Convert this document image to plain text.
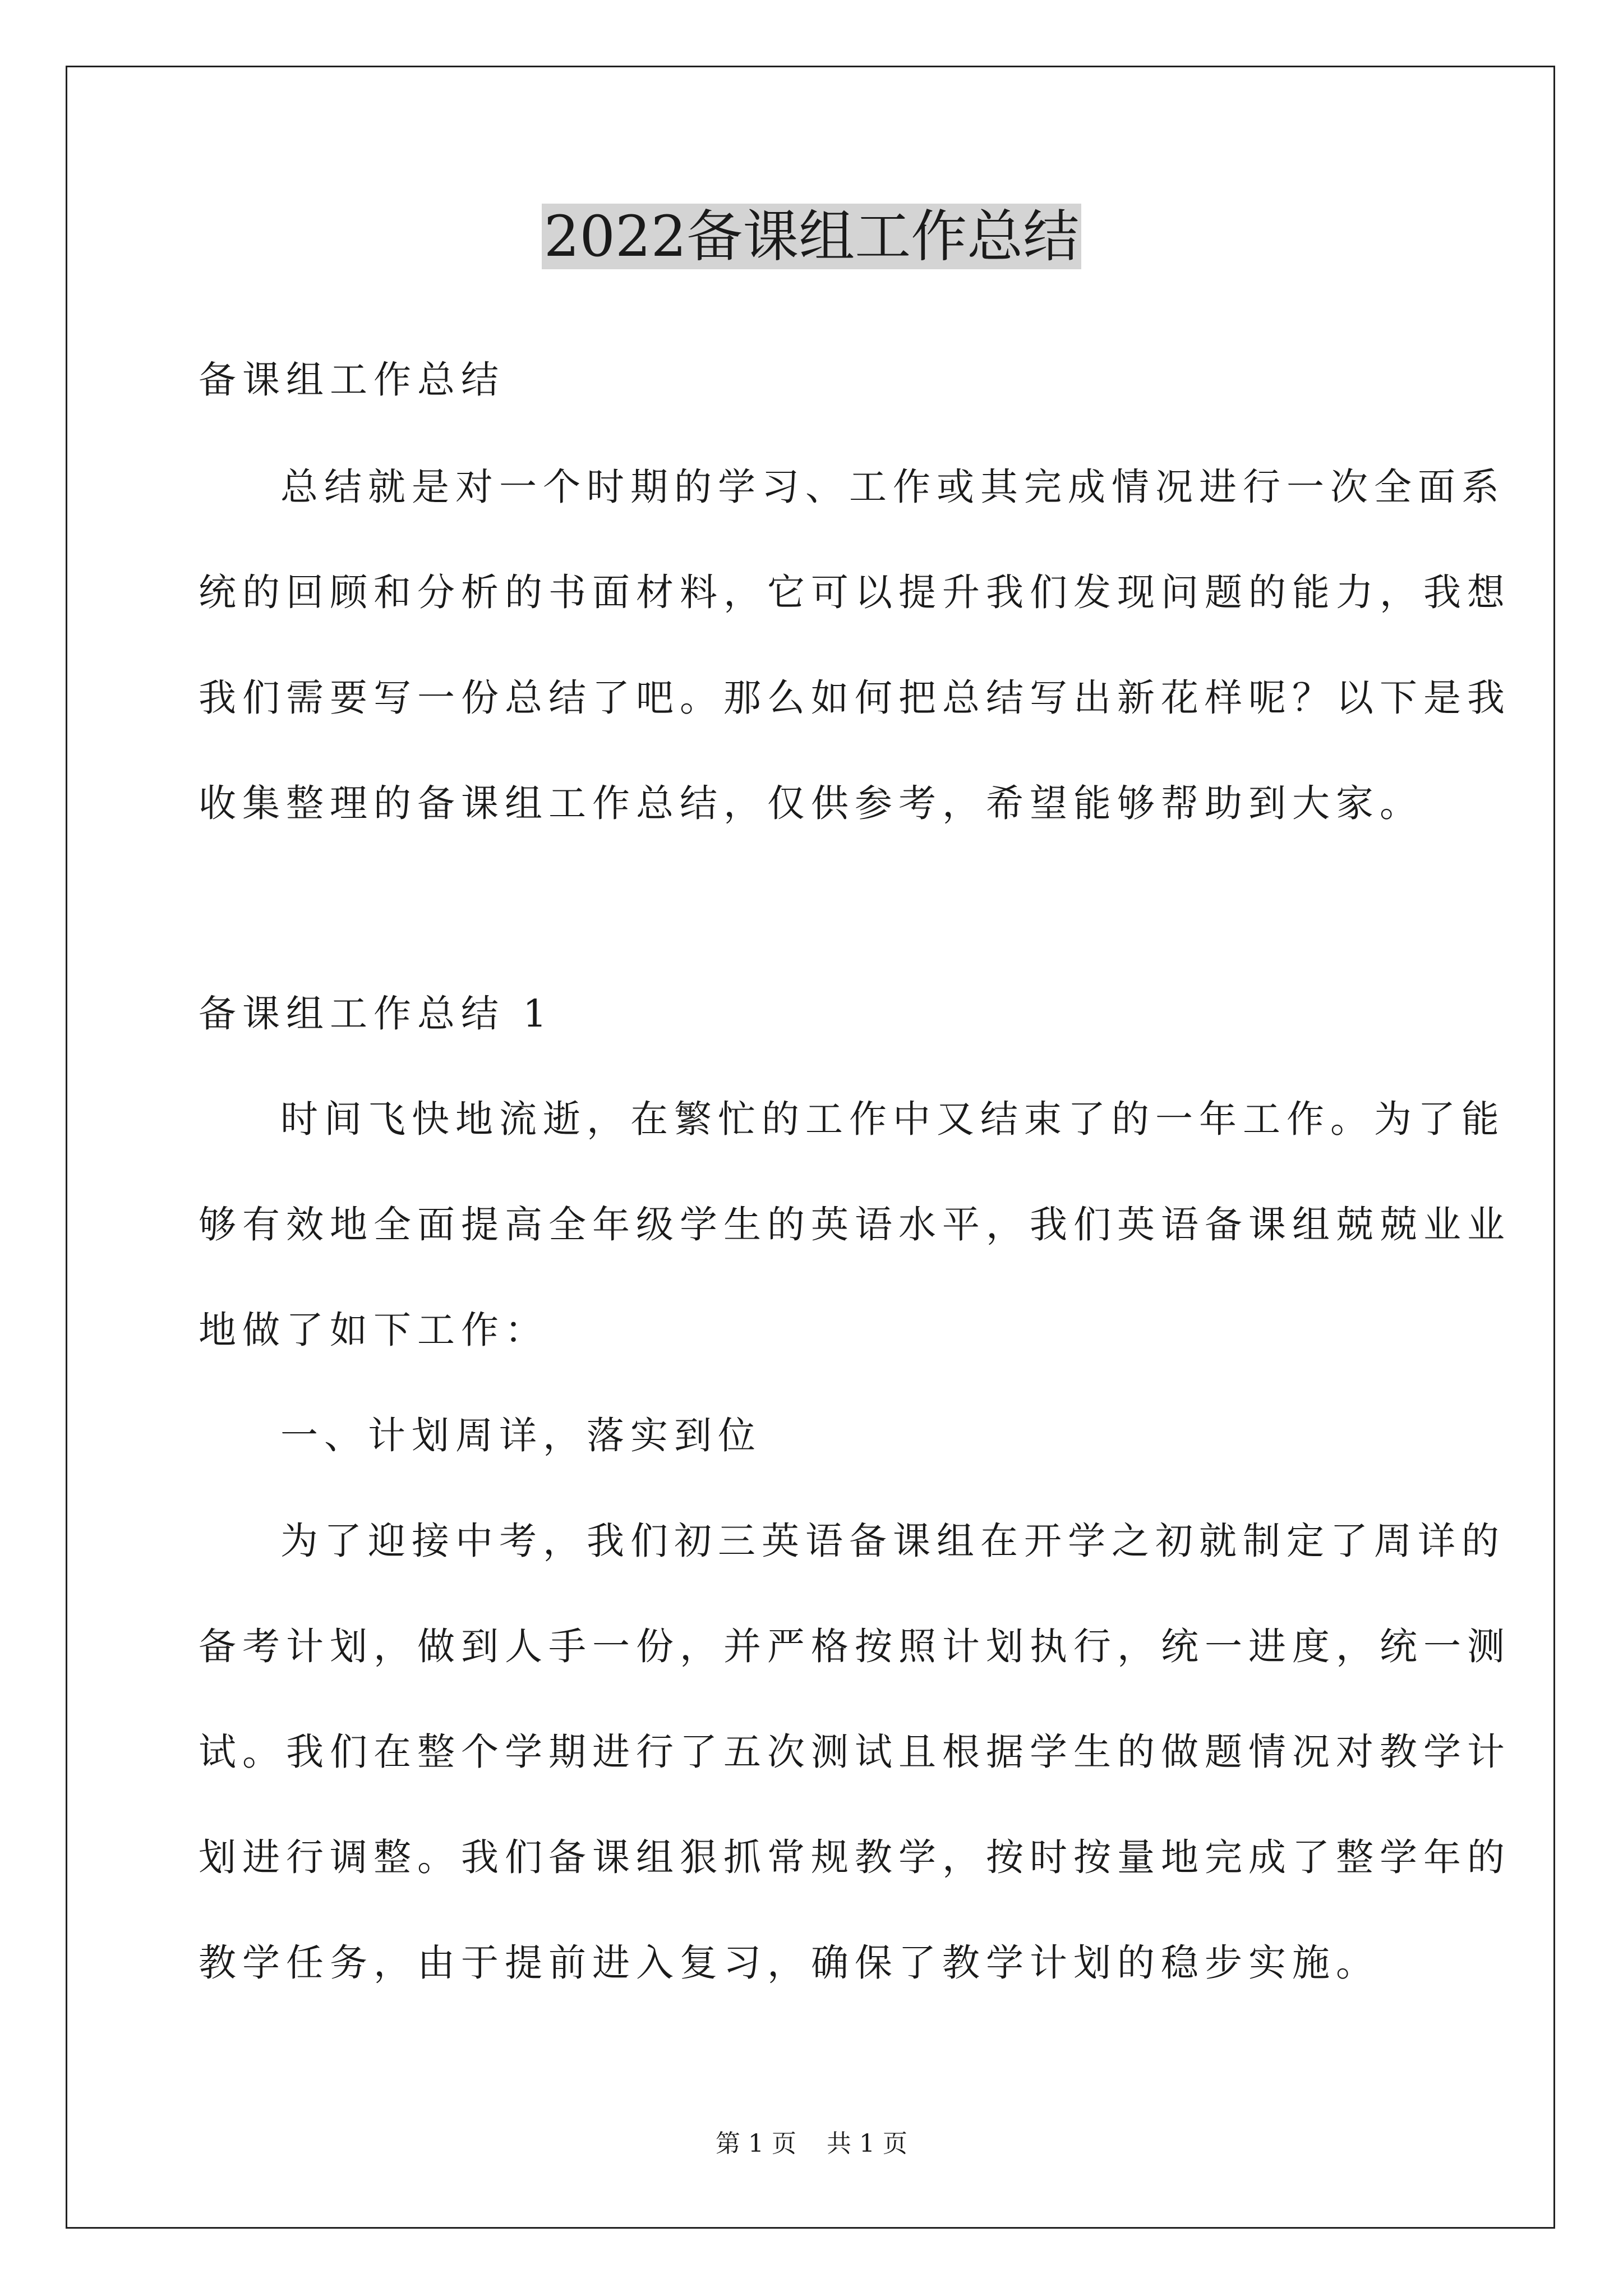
2022备课组工作总结

备课组工作总结

总结就是对一个时期的学习、工作或其完成情况进行一次全面系

统的回顾和分析的书面材料，它可以提升我们发现问题的能力，我想

我们需要写一份总结了吧。那么如何把总结写出新花样呢？以下是我

收集整理的备课组工作总结，仅供参考，希望能够帮助到大家。

备课组工作总结 1

时间飞快地流逝，在繁忙的工作中又结束了的一年工作。为了能

够有效地全面提高全年级学生的英语水平，我们英语备课组兢兢业业

地做了如下工作：

一、计划周详，落实到位

为了迎接中考，我们初三英语备课组在开学之初就制定了周详的

备考计划，做到人手一份，并严格按照计划执行，统一进度，统一测

试。我们在整个学期进行了五次测试且根据学生的做题情况对教学计

划进行调整。我们备课组狠抓常规教学，按时按量地完成了整学年的

教学任务，由于提前进入复习，确保了教学计划的稳步实施。

第 1 页 共 1 页
